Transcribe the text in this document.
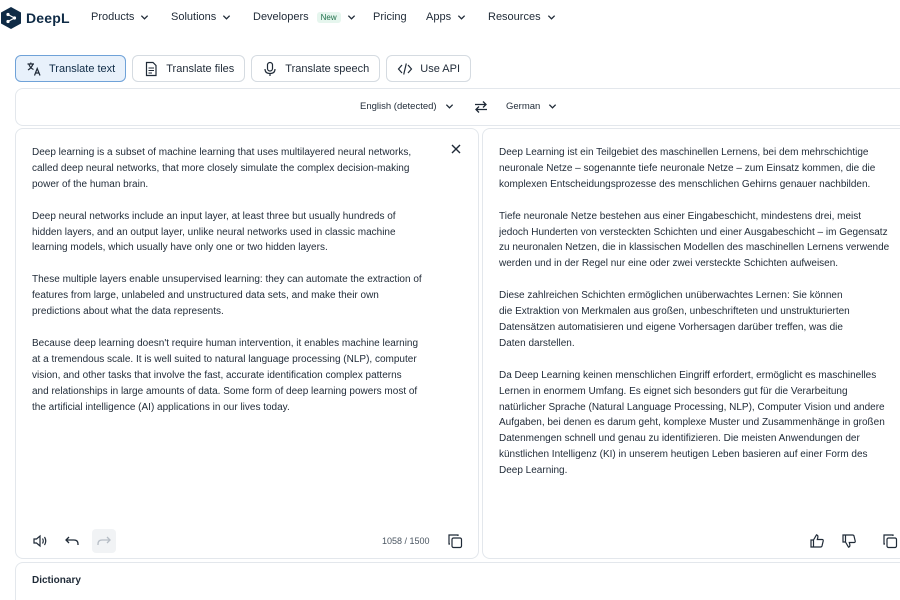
DeepL Products	Solutions	Developers	New	Pricing Apps	Resources
Translate text	Translate files	Translate speech	Use API
English (detected)	German
Deep learning is a subset of machine learning that uses multilayered neural networks,
called deep neural networks, that more closely simulate the complex decision-making
power of the human brain.

Deep neural networks include an input layer, at least three but usually hundreds of
hidden layers, and an output layer, unlike neural networks used in classic machine
learning models, which usually have only one or two hidden layers.

These multiple layers enable unsupervised learning: they can automate the extraction of
features from large, unlabeled and unstructured data sets, and make their own
predictions about what the data represents.

Because deep learning doesn't require human intervention, it enables machine learning
at a tremendous scale. It is well suited to natural language processing (NLP), computer
vision, and other tasks that involve the fast, accurate identification complex patterns
and relationships in large amounts of data. Some form of deep learning powers most of
the artificial intelligence (AI) applications in our lives today.
1058 / 1500
Deep Learning ist ein Teilgebiet des maschinellen Lernens, bei dem mehrschichtige
neuronale Netze – sogenannte tiefe neuronale Netze – zum Einsatz kommen, die die
komplexen Entscheidungsprozesse des menschlichen Gehirns genauer nachbilden.

Tiefe neuronale Netze bestehen aus einer Eingabeschicht, mindestens drei, meist
jedoch Hunderten von versteckten Schichten und einer Ausgabeschicht – im Gegensatz
zu neuronalen Netzen, die in klassischen Modellen des maschinellen Lernens verwende
werden und in der Regel nur eine oder zwei versteckte Schichten aufweisen.

Diese zahlreichen Schichten ermöglichen unüberwachtes Lernen: Sie können
die Extraktion von Merkmalen aus großen, unbeschrifteten und unstrukturierten
Datensätzen automatisieren und eigene Vorhersagen darüber treffen, was die
Daten darstellen.

Da Deep Learning keinen menschlichen Eingriff erfordert, ermöglicht es maschinelles
Lernen in enormem Umfang. Es eignet sich besonders gut für die Verarbeitung
natürlicher Sprache (Natural Language Processing, NLP), Computer Vision und andere
Aufgaben, bei denen es darum geht, komplexe Muster und Zusammenhänge in großen
Datenmengen schnell und genau zu identifizieren. Die meisten Anwendungen der
künstlichen Intelligenz (KI) in unserem heutigen Leben basieren auf einer Form des
Deep Learning.
Dictionary
